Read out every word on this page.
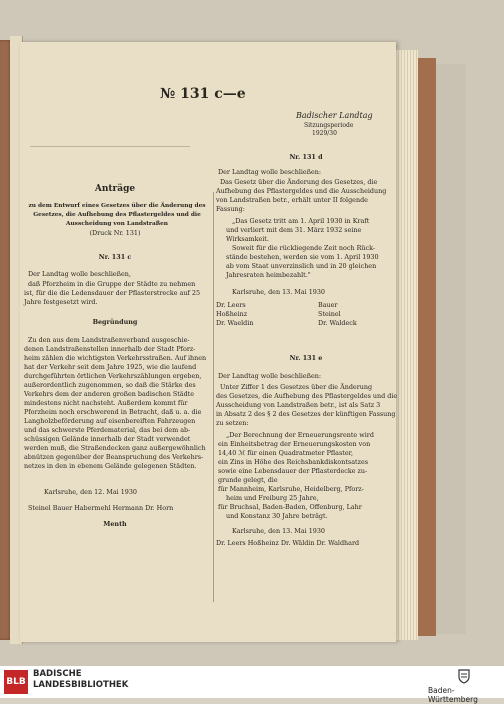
№ 131 c—e
Badischer Landtag
Sitzungsperiode
1929/30
Anträge
zu dem Entwurf eines Gesetzes über die Änderung des
Gesetzes, die Aufhebung des Pflastergeldes und die
Ausscheidung von Landstraßen
(Druck Nr. 131)
Nr. 131 c
Der Landtag wolle beschließen,
daß Pforzheim in die Gruppe der Städte zu nehmen
ist, für die die Ledensdauer der Pflasterstrecke auf 25
Jahre festgesetzt wird.
Begründung
Zu den aus dem Landstraßenverband ausgeschie-
denen Landstraßenstellen innerhalb der Stadt Pforz-
heim zählen die wichtigsten Verkehrsstraßen. Auf ihnen
hat der Verkehr seit dem Jahre 1925, wie die laufend
durchgeführten örtlichen Verkehrszählungen ergeben,
außerordentlich zugenommen, so daß die Stärke des
Verkehrs dem der anderen großen badischen Städte
mindestens nicht nachsteht. Außerdem kommt für
Pforzheim noch erschwerend in Betracht, daß u. a. die
Langholzbeförderung auf eisenbereiften Fahrzeugen
und das schwerste Pferdematerial, das bei dem ab-
schüssigen Gelände innerhalb der Stadt verwendet
werden muß, die Straßendecken ganz außergewöhnlich
abnützen gegenüber der Beanspruchung des Verkehrs-
netzes in den in ebenem Gelände gelegenen Städten.
Karlsruhe, den 12. Mai 1930
Steinel Bauer Habermehl Hermann Dr. Horn
Menth
Nr. 131 d
Der Landtag wolle beschließen:
Das Gesetz über die Änderung des Gesetzes, die
Aufhebung des Pflastergeldes und die Ausscheidung
von Landstraßen betr., erhält unter II folgende
Fassung:
„Das Gesetz tritt am 1. April 1930 in Kraft
und verliert mit dem 31. März 1932 seine
Wirksamkeit.
Soweit für die rückliegende Zeit noch Rück-
stände bestehen, werden sie vom 1. April 1930
ab vom Staat unverzinslich und in 20 gleichen
Jahresraten heimbezahlt."
Karlsruhe, den 13. Mai 1930
Dr. Leers
Hoßheinz
Dr. Waeldin
Bauer
Steinel
Dr. Waldeck
Nr. 131 e
Der Landtag wolle beschließen:
Unter Ziffer 1 des Gesetzes über die Änderung
des Gesetzes, die Aufhebung des Pflastergeldes und die
Ausscheidung von Landstraßen betr., ist als Satz 3
in Absatz 2 des § 2 des Gesetzes der künftigen Fassung
zu setzen:
„Der Berechnung der Erneuerungsrente wird
ein Einheitsbetrag der Erneuerungskosten von
14,40 ℳ für einen Quadratmeter Pflaster,
ein Zins in Höhe des Reichsbankdiskontsatzes
sowie eine Lebensdauer der Pflasterdecke zu-
grunde gelegt, die
für Mannheim, Karlsruhe, Heidelberg, Pforz-
heim und Freiburg 25 Jahre,
für Bruchsal, Baden-Baden, Offenburg, Lahr
und Konstanz 30 Jahre beträgt.
Karlsruhe, den 13. Mai 1930
Dr. Leers Hoßheinz Dr. Wäldin Dr. Waldhard
BLB
BADISCHE
LANDESBIBLIOTHEK
Baden-Württemberg
